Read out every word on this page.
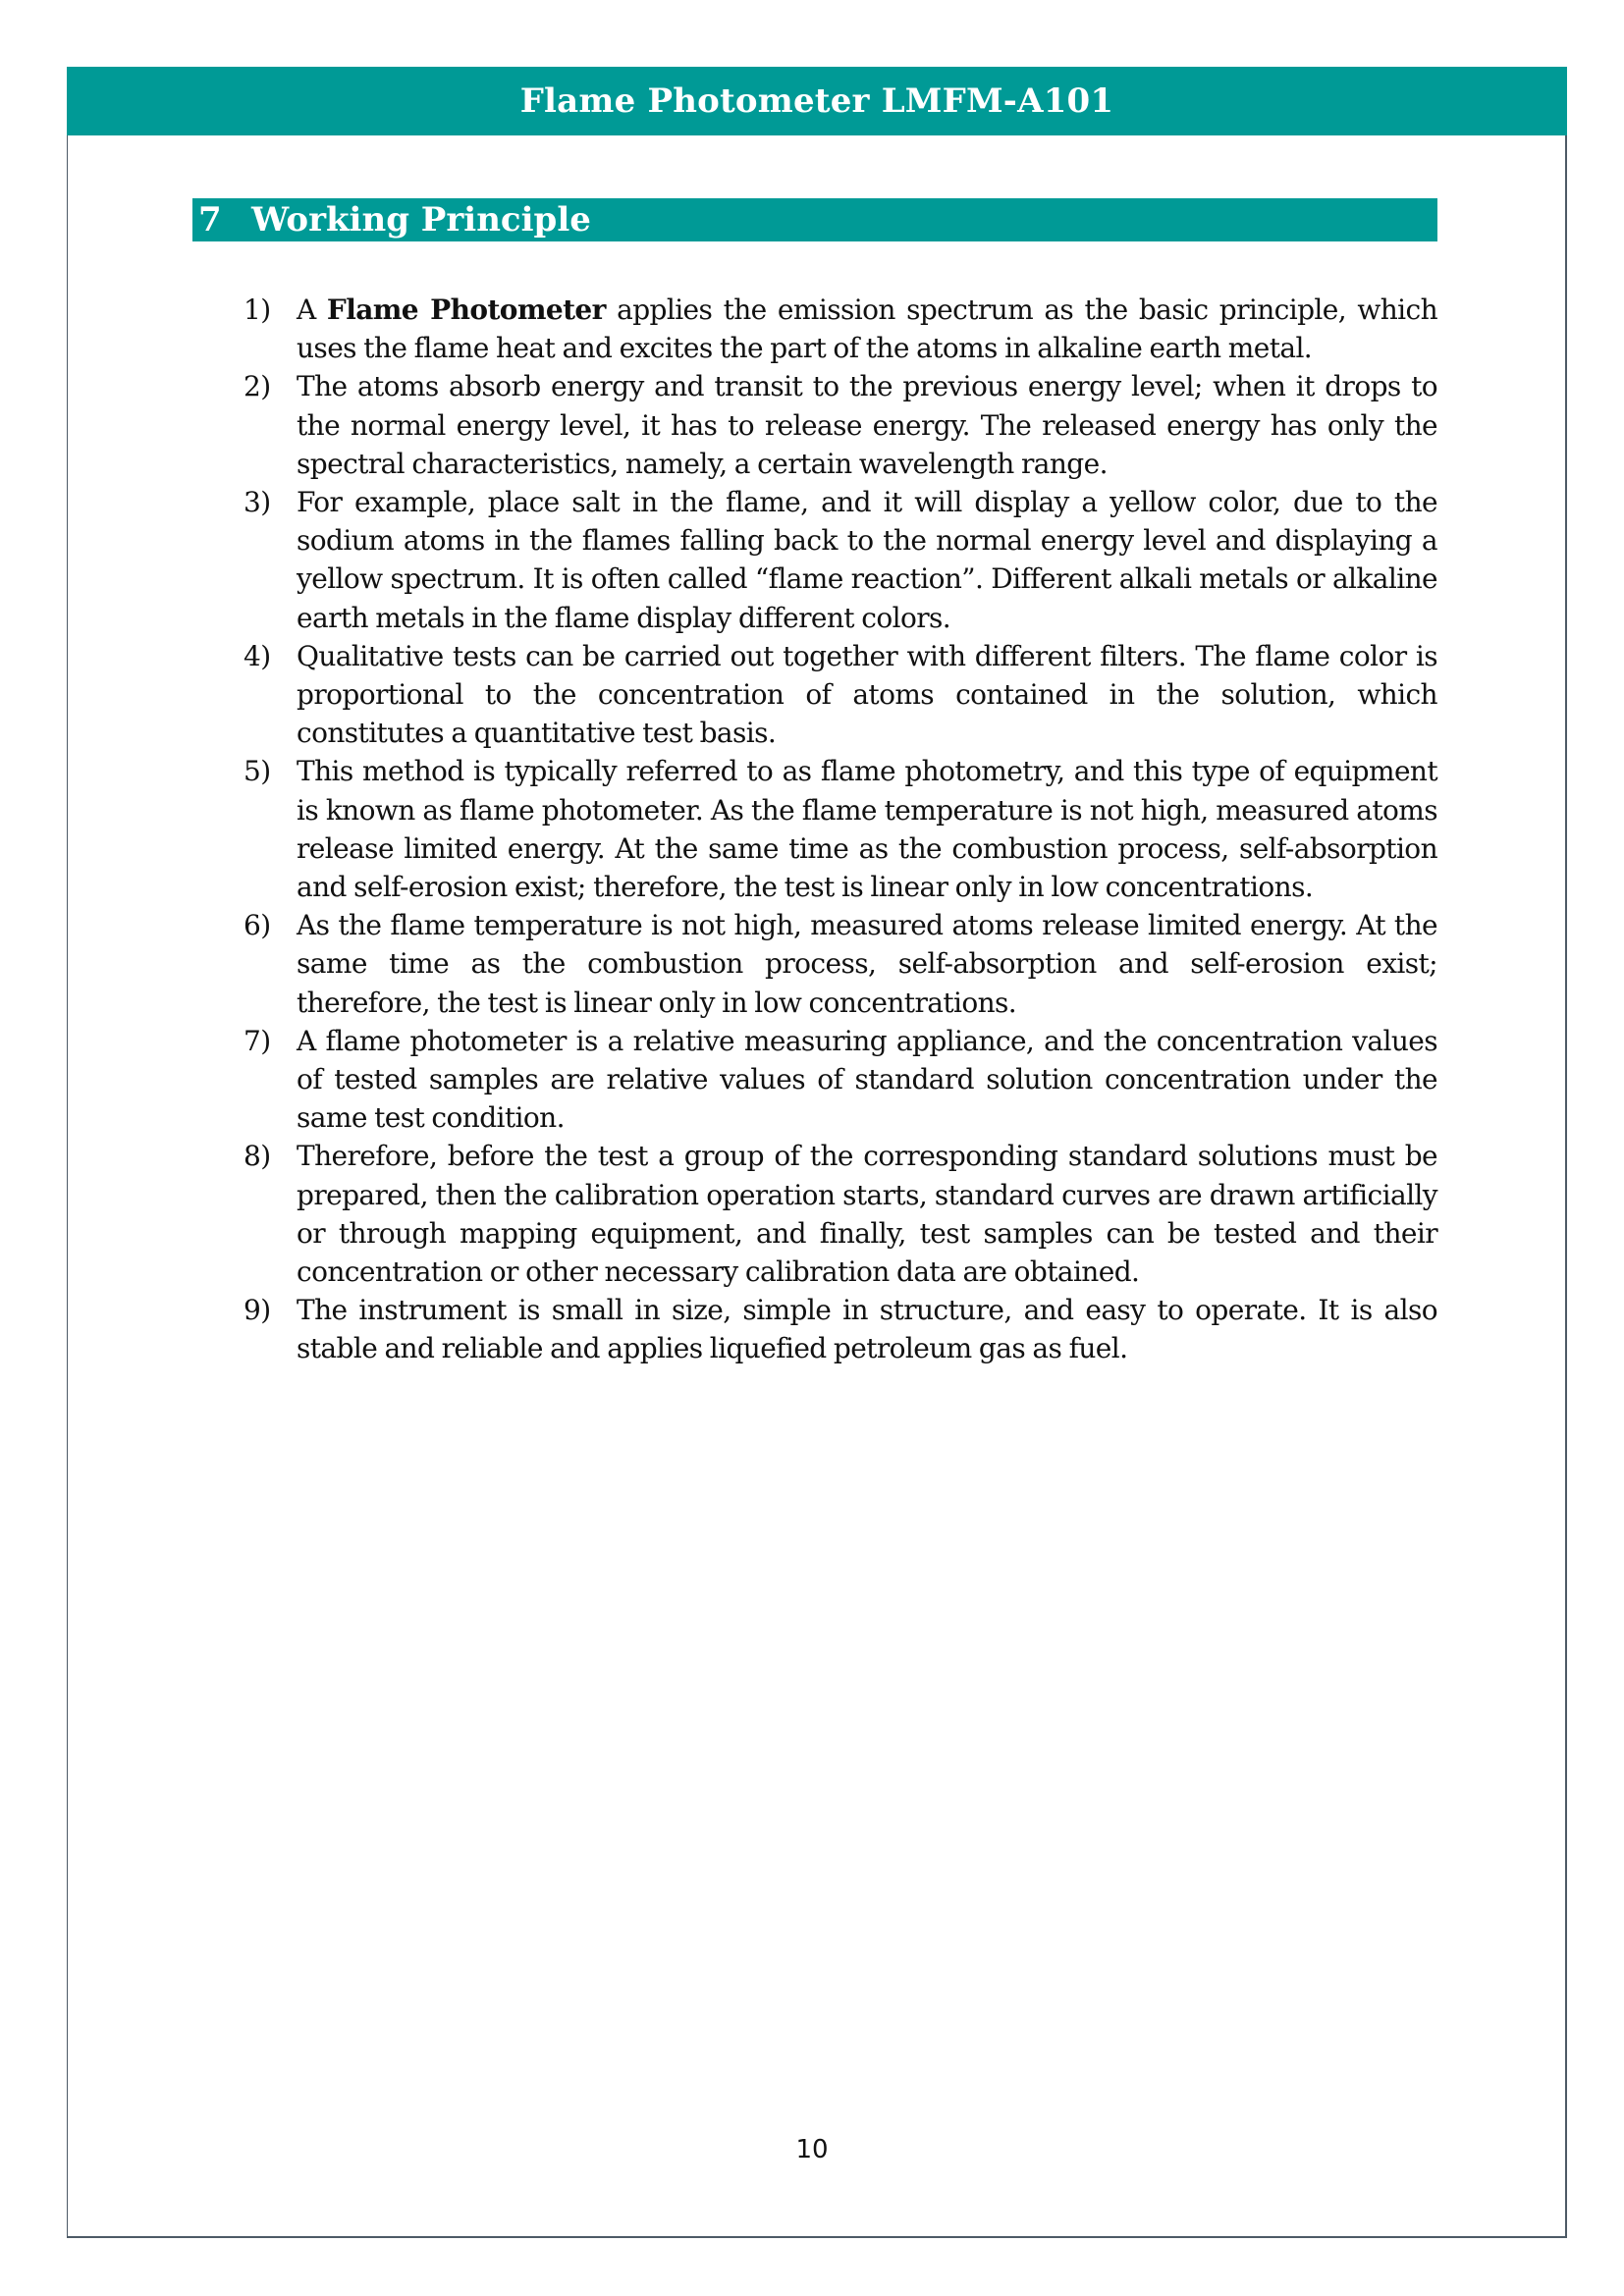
Flame Photometer LMFM-A101
7 Working Principle
1) A Flame Photometer applies the emission spectrum as the basic principle, which uses the flame heat and excites the part of the atoms in alkaline earth metal.
2) The atoms absorb energy and transit to the previous energy level; when it drops to the normal energy level, it has to release energy. The released energy has only the spectral characteristics, namely, a certain wavelength range.
3) For example, place salt in the flame, and it will display a yellow color, due to the sodium atoms in the flames falling back to the normal energy level and displaying a yellow spectrum. It is often called “flame reaction”. Different alkali metals or alkaline earth metals in the flame display different colors.
4) Qualitative tests can be carried out together with different filters. The flame color is proportional to the concentration of atoms contained in the solution, which constitutes a quantitative test basis.
5) This method is typically referred to as flame photometry, and this type of equipment is known as flame photometer. As the flame temperature is not high, measured atoms release limited energy. At the same time as the combustion process, self-absorption and self-erosion exist; therefore, the test is linear only in low concentrations.
6) As the flame temperature is not high, measured atoms release limited energy. At the same time as the combustion process, self-absorption and self-erosion exist; therefore, the test is linear only in low concentrations.
7) A flame photometer is a relative measuring appliance, and the concentration values of tested samples are relative values of standard solution concentration under the same test condition.
8) Therefore, before the test a group of the corresponding standard solutions must be prepared, then the calibration operation starts, standard curves are drawn artificially or through mapping equipment, and finally, test samples can be tested and their concentration or other necessary calibration data are obtained.
9) The instrument is small in size, simple in structure, and easy to operate. It is also stable and reliable and applies liquefied petroleum gas as fuel.
10
